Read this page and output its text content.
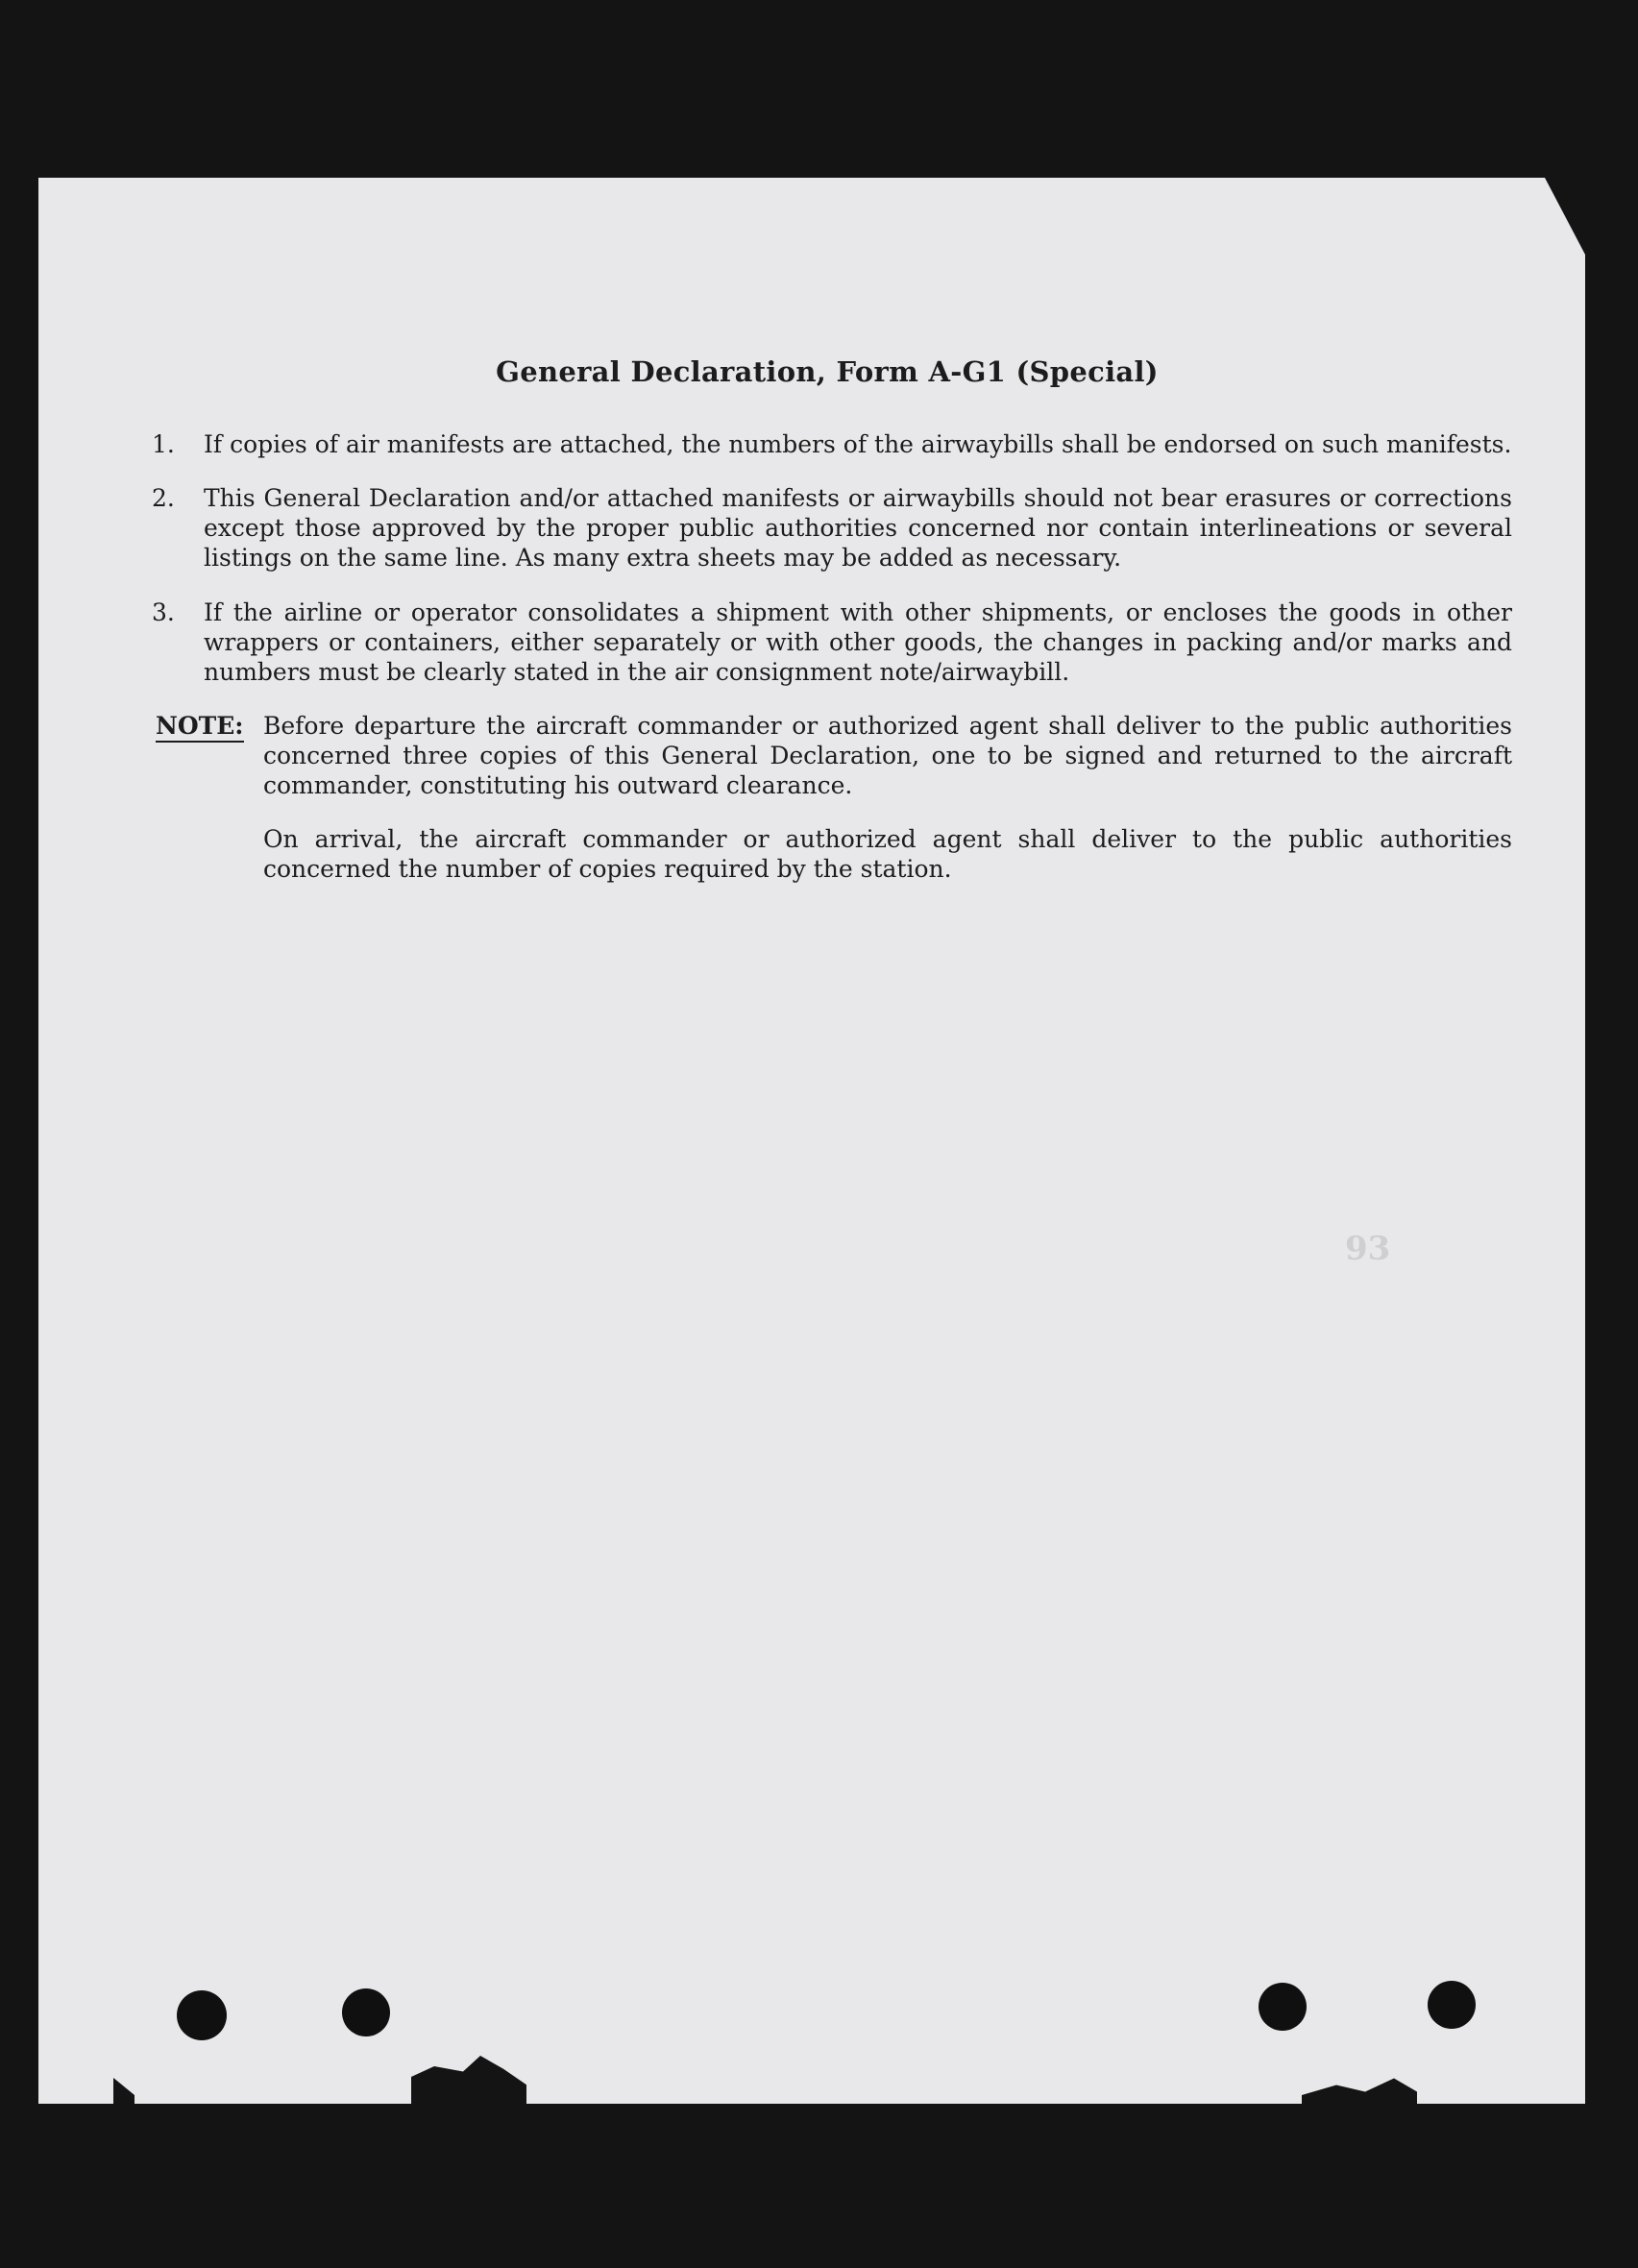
93
General Declaration, Form A-G1 (Special)
1. If copies of air manifests are attached, the numbers of the airwaybills shall be endorsed on such manifests.
2. This General Declaration and/or attached manifests or airwaybills should not bear erasures or corrections except those approved by the proper public authorities concerned nor contain interlineations or several listings on the same line. As many extra sheets may be added as necessary.
3. If the airline or operator consolidates a shipment with other shipments, or encloses the goods in other wrappers or containers, either separately or with other goods, the changes in packing and/or marks and numbers must be clearly stated in the air consignment note/airwaybill.
NOTE: Before departure the aircraft commander or authorized agent shall deliver to the public authorities concerned three copies of this General Declaration, one to be signed and returned to the aircraft commander, constituting his outward clearance.
On arrival, the aircraft commander or authorized agent shall deliver to the public authorities concerned the number of copies required by the station.
